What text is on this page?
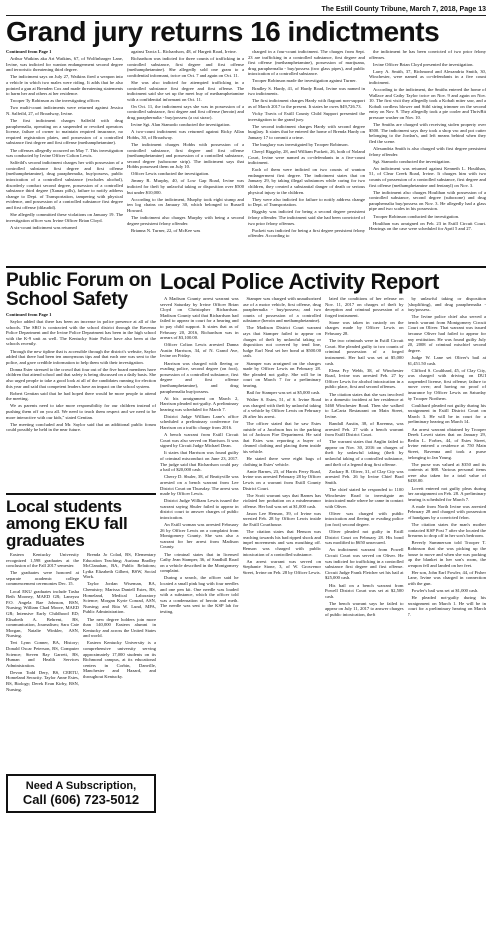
The Estill County Tribune, March 7, 2018, Page 13
Grand jury returns 16 indictments

Continued from Page 1

Arthur Watkins aka Art Watkins, 67, of Wolfinbarger Lane, Irvine, was indicted for wanton endangerment second degree and terroristic threatening third degree.

The indictment says on July 27, Watkins fired a weapon into a vehicle in which two males were riding. It adds that he also pointed a gun at Brenden Cox and made threatening statements to harm her and others at her residence.

Trooper Ty Robinson as the investigating officer.

Two multi-count indictments were returned against Jessica N. Salfeild, 27, of Broadway, Irvine.

The first indictment charges Salfeild with drug paraphernalia, operating on a suspended or revoked operators license, failure of owner to maintain required insurance, no required registration plates, and possession of a controlled substance first degree and first offense (methamphetamine).

The offenses allegedly occurred on May 7. This investigation was conducted by Irvine Officer Colton Lewis.

Salfeild's second indictment charges her with possession of a controlled substance first degree and first offense (methamphetamine), drug paraphernalia, buy/possess, public intoxication of a controlled substance (excludes alcohol), disorderly conduct second degree, possession of a controlled substance third degree (Xanax pills), failure to notify address change to Dept. of Transportation, tampering with physical evidence, and possession of a controlled substance first degree and first offense (dilaudid).

She allegedly committed these violations on January 19. The investigation officer was Irvine Officer Brian Cloyd.

A six-count indictment was returned

against Tarcia L. Richardson, 48, of Hargett Road, Irvine.

Richardson was indicted for three counts of trafficking in a controlled substance, first degree and first offense (methamphetamine). She allegedly sold one gram to a confidential informant, twice on Oct. 7 and again on Oct. 11.

She was also indicted for attempted trafficking in a controlled substance first degree and first offense. The indictment said she set up the meet buy of methamphetamine with a confidential informant on Oct. 11.

On Oct. 11, the indictment says she was in possession of a controlled substance, first degree and first offense (heroin) and drug paraphernalia - buy/possess (a cut straw).

Irvine Sgt. Alan Stamodo conducted the investigation.

A two-count indictment was returned against Ricky Allan Hobbs, 30, of Broadway.

The indictment charges Hobbs with possession of a controlled substance, first degree and first offense (methamphetamine) and possession of a controlled substance, second degree (suboxone strip). The indictment says that Hobbs possessed them on July 10.

Officer Lewis conducted the investigation.

Jimmy R. Murphy, 40, of Low Gap Road, Irvine was indicted for theft by unlawful taking or disposition over $500 but under $10,000.

According to the indictment, Murphy took eight stump and ten log chains on January 30, which belonged to Russell Howard.

The indictment also charges Murphy with being a second degree persistent felony offender.

Brianna N. Turner, 22, of McKee was

charged in a four-count indictment. The charges from Sept. 23 are trafficking in a controlled substance, first degree and first offense (methamphetamine), possession of marijuana, drug paraphernalia - buy/possess (two glass pipes), and public intoxication of a controlled substance.

Trooper Robinson made the investigation against Turner.

Bradley S. Hardy, 41, of Hardy Road, Irvine was named in two indictments.

The first indictment charges Hardy with flagrant non-support as of March 2017 to the present. It states he owes $49,726.73.

Vicky Travis of Estill County Child Support presented the investigation to the grand jury.

The second indictment charges Hardy with second degree burglary. It states that he entered the home of Brenda Hardy on January 17 to commit a crime.

The burglary was investigated by Trooper Robinson.

Cheryl Riggsby, 28, and William Puckett, 26, both of Noland Court, Irvine were named as co-defendants in a five-count indictment.

Each of them were indicted on two counts of wanton endangerment first degree. The indictment states that on January 29, by taking illegal substances while caring for two children, they created a substantial danger of death or serious physical injury to the children.

They were also indicted for failure to notify address change to Dept. of Transportation.

Riggsby was indicted for being a second degree persistent felony offender. The indictment said she had been convicted of two prior felony offenses.

Puckett was indicted for being a first degree persistent felony offender. According to

the indictment he has been convicted of two prior felony offenses.

Irvine Officer Brian Cloyd presented the investigation.

Larry A. Smith, 37, Richmond and Alexandria Smith, 30, Winchester, were named as co-defendants in a five count indictment.

According to the indictment, the Smiths entered the home of Wallace and Cathy Taylor twice on Nov. 9 and again on Nov. 10. The first visit they allegedly took a Kobalt miter saw, and a Kobalt cordless blower and Stihl string trimmer on the second entry on Nov. 9. They allegedly took a pie cooler and ThrivBit pressure washer on Nov. 10.

The Smiths are charged with receiving stolen property over $500. The indictment says they took a shop vac and pot cutter belonging to the Jordan's, and left means behind when they fled the scene.

Alexandria Smith is also charged with first degree persistent felony offender.

Sgt. Stamodo conducted the investigation.

An indictment was returned against Kenneth L. Houlihan, 51, of Clear Creek Road, Irvine. It charges him with two counts of possession of a controlled substance, first degree and first offense (methamphetamine and fentanyl) on Nov. 3.

The indictment also charges Houlihan with possession of a controlled substance, second degree (suboxone) and drug paraphernalia buy/possess on Nov. 3. He allegedly had a glass pipe and two scales in his possession.

Trooper Robinson conducted the investigation.

Houlihan was arraigned on Feb. 23 in Estill Circuit Court. Hearings on the case were scheduled for April 5 and 27.

Public Forum on School Safety

Continued from Page 1

Saylor added that there has been an increase in police presence at all of the schools. The SRO is contracted with the school district through the Ravenna Police Department and the Irvine Police Department has been in the high school with the K-9 unit as well. The Kentucky State Police have also been at the schools recently.

Through the new tipline that is accessible through the district's website, Saylor added that there had been ten anonymous tips and that each one was sent to the police, and gave credible information to help them with their investigation.

Donna Ester stressed to the crowd that four out of the five board members have children that attend school and that safety is being discussed on a daily basis. She also urged people to take a good look at all of the candidates running for election this year and said that competent leaders have an impact on the school system.

Robert Gentian said that he had hoped there would be more people to attend the meeting.

We as parents need to take more responsibility for our children instead of pushing them off on you all. We need to teach them respect and we need to be more interactive with our kids," stated Gentian.

The meeting concluded and Mr. Saylor said that an additional public forum could possibly be held in the near future.

Local students among EKU fall graduates

Eastern Kentucky University recognized 1,598 graduates at the conclusion of the Fall 2017 semester.

The graduates were honored at separate academic college commencement ceremonies Dec. 15.

Local EKU graduates include Tasha Beth Mooney, MAED GR; Laneyza P.O. Angela Rae Johnson, BSN, Nursing; William Chad Moore, MAED GR; Intensive Early Childhood ED; Elisabeth A. Behrent, BS, communication, Journalism; Sara Cate Morgan, Natalie Winkler, ASN, Nursing.

Teri Lynn Conner, BA, History; Donald Oscar Peterson, BS, Computer Science; Steven Ray Garrett, BS, Human and Health Services Administration.

Devon Todd Dery, BS, CERTU, Homeland Security. Taylor Anne Estes, BS, Biology; Derek Evan Kirby, BSN, Nursing.

Brenda Jo Colad, BS, Elementary Education Teaching; Auriana Bradley McClanahan, BA, Public Relations; Lydia Elizabeth Gilbert, BSW, Social Work.

Taylor Jordan Wiseman, BA, Chemistry; Marissa Daniell Estes, BS, Homeland, Medical Laboratory Science; Morgan Kyrie Conrad, ASN, Nursing; and Rita W. Lund, MPA, Public Administration.

The new degree holders join more than 140,000 Eastern alumni in Kentucky and across the United States and world.

Eastern Kentucky University is a comprehensive university serving approximately 17,000 students on its Richmond campus, at its educational centers in Corbin, Danville, Manchester and Hazard, and throughout Kentucky.

Need A Subscription,
Call (606) 723-5012
Local Police Activity Report

A Madison County arrest warrant was served Saturday by Irvine Officer Brian Cloyd on Christopher Richardson. Madison County said that Richardson had failed to appear in court for a hearing and to pay child support. It states that as of February 20, 2016, Richardson was in arrears of $3,100.00.

Officer Colton Lewis arrested Danna Austin Harrison, 34, of N. Grand Ave, Irvine on Friday.

Harrison was charged with fleeing or evading police, second degree (on foot), possession of a controlled substance, first degree and first offense (methamphetamine), and drug paraphernalia buy/possess.

At his arraignment on March 2, Harrison pleaded not-guilty. A preliminary hearing was scheduled for March 7.

District Judge William Lane's office scheduled a preliminary conference for Harrison on a traffic charge from 2016.

A bench warrant from Estill Circuit Court was also served on Harrison. It was signed by Circuit Judge Michael Dean.

It states that Harrison was found guilty of criminal misconduct on June 23, 2017. The judge said that Richardson could pay a bail of $20,000 cash.

Cherry D. Shuler, 38, of Beattyville was arrested on a bench warrant from Lee District Court on Thursday. The arrest was made by Officer Lewis.

District Judge William Lewis issued the warrant saying Shuler failed to appear in district court to answer charges of public intoxication.

An Estill woman was arrested February 26 by Officer Lewis on a complaint from Montgomery County. She was also a warrant for her arrest from Madison County.

The criminal states that in licensed Cathy Jean Stamper, 36, of Sandhill Road on a vehicle described in the Montgomery complaint.

During a search, the officer said he located a small pink bag with four needles and one pen kit. One needle was loaded with a substance, which the officer told was a condensation of heroin and meth. The needle was sent to the KSP lab for testing.

Stamper was charged with unauthorized use of a motor vehicle, first offense, drug paraphernalia - buy/possess; and two counts of possession of a controlled substance (heroin and methamphetamine).

The Madison District Court warrant says that Stamper failed to appear on charges of theft by unlawful taking or disposition not covered by tend line, Judge Earl Neal set her bond at $500.00 cash.

Stamper was arraigned on the charges made by Officer Lewis on February 28. She pleaded not guilty. She will be in court on March 7 for a preliminary hearing.

Bail for Stamper was set at $5,000 cash.

Walter S. Estes, 51, of S. Irvine Road was charged with theft by unlawful taking of a vehicle by Officer Lewis on February 26 after his arrest.

The officer stated that he saw Estes outside of a Jacobson bus in the parking lot of Jackson Fire Department. He said that Estes was reporting a buyer of cleaned clothing and placing them inside his vehicle.

He stated there were eight bags of clothing in Estes' vehicle.

Amie Barnes, 23, of Harris Ferry Road, Irvine was arrested February 28 by Officer Lewis on a warrant from Estill County District Court.

The Scott warrant says that Barnes has violated her probation on a misdemeanor offense. Her bail was set at $1,000 cash.

Jason Lee Henson, 39, of Irvine was arrested Feb. 28 by Officer Lewis inside the Estill Courthouse.

The citation states that Henson was reaching towards his bad ripped shock and impel movements and was mouthing off. Henson was charged with public intoxication of a controlled substance.

An arrest warrant was served on Stephanie Stone, 3, of W. Grosvenor Street, Irvine on Feb. 28 by Officer Lewis.

lated the conditions of her release on Nov. 11, 2017 on charges of theft by deception and criminal possession of a forged instrument.

Stone was taken in custody on the charges made by Officer Lewis on February 28.

The two criminals were in Estill Circuit Court. She pleaded guilty to two counts of criminal possession of a forged instrument. Her bail was set at $5,000 cash.

Elena Fry Webb, 38, of Winchester Road, Irvine was arrested Feb. 27 by Officer Lewis for alcohol intoxication in a public place, first and second offenses.

The citation states that she was involved in a domestic incident at her residence at 5460 Winchester Road. Then she walked to LaCarta Restaurant on Main Street, Irvine.

Randall Austin, 38, of Ravenna, was arrested Feb. 27 with a bench warrant from Estill District Court.

The warrant states that Anglin failed to appear on Nov. 30, 2016 on charges of theft by unlawful taking (theft by unlawful taking of a controlled substance, and theft of a legend drug first offense.

Zackary B. Oliver, 31, of Clay City was arrested Feb. 26 by Irvine Chief Brad Smith.

The chief stated he responded to 1100 Winchester Road to investigate an intoxicated male where he came in contact with Oliver.

Oliver was charged with public intoxication and fleeing or evading police (on foot) second degree.

Oliver pleaded not guilty in Estill District Court on February 28. His bond was modified to $650 unsecured.

An indictment warrant from Powell Circuit Court was served on Oliver. He was indicted for trafficking in a controlled substance first degree and first offense. Circuit Judge Frank Fletcher set his bail at $25,000 cash.

His bail on a bench warrant from Powell District Court was set at $2,500 cash.

The bench warrant says he failed to appear on July 11, 2017 to answer charges of public intoxication, theft

by unlawful taking or disposition (shoplifting), and drug paraphernalia - buy/possess.

The Irvine police chief also served a bench warrant from Montgomery Circuit Court on Oliver. That warrant was issued because Oliver had failed to appear for any restitution. He was found guilty July 20, 2008 of criminal mischief second degree.

Judge W. Lane set Oliver's bail at $1,451.50 cash.

Clifford S. Coulthard, 45, of Clay City, was charged with driving on DUI suspended license, first offense; failure to move over; and having no proof of insurance by Officer Lewis on Saturday by Trooper Northern.

Coulthard pleaded not guilty during his arraignment in Estill District Court on March 3. He will be in court for a preliminary hearing on March 14.

An arrest warrant obtained by Trooper Derek Lovett states that on January 29, Berlin L. Forbes, 44, of Estes Street, Irvine entered a residence at 750 Main Street, Ravenna and took a purse belonging to Jan Young.

The purse was valued at $350 and its contents at $88. Various personal items were also taken for a total value of $438.00.

Lovett entered not guilty pleas during her arraignment on Feb. 28. A preliminary hearing is scheduled for March 7.

A male from North Irvine was arrested February 28 and charged with possession of handguns by a convicted felon.

The citation states the man's mother contacted KSP Post 7 after she located the firearms to drop off in her son's bedroom.

Beverly Summerson told Trooper T. Robinson that she was picking up the house to move and when she was packing up the blanket in her son's room, the weapon fell and landed on her feet.

Her son, John Earl Fowler, 44, of Fisher Lane, Irvine was charged in connection with the gun.

Fowler's bail was set at $1,000 cash.

He pleaded not-guilty during his arraignment on March 1. He will be in court for a preliminary hearing on March 7.
